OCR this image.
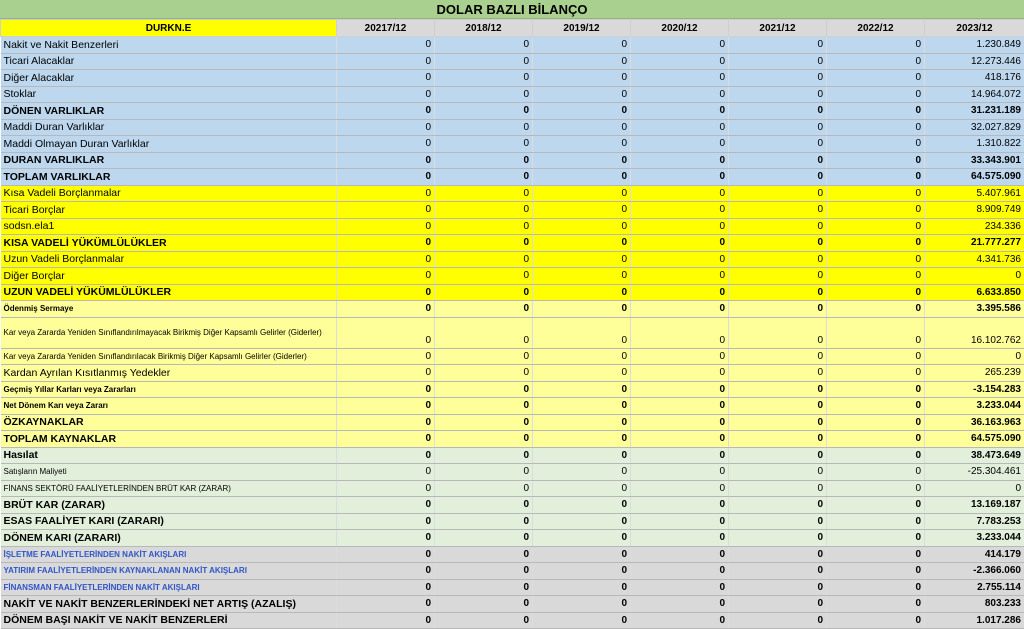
DOLAR BAZLI BİLANÇO
DURKN.E	20217/12	2018/12	2019/12	2020/12	2021/12	2022/12	2023/12
Nakit ve Nakit Benzerleri	0	0	0	0	0	0	1.230.849
Ticari Alacaklar	0	0	0	0	0	0	12.273.446
Diğer Alacaklar	0	0	0	0	0	0	418.176
Stoklar	0	0	0	0	0	0	14.964.072
DÖNEN VARLIKLAR	0	0	0	0	0	0	31.231.189
Maddi Duran Varlıklar	0	0	0	0	0	0	32.027.829
Maddi Olmayan Duran Varlıklar	0	0	0	0	0	0	1.310.822
DURAN VARLIKLAR	0	0	0	0	0	0	33.343.901
TOPLAM VARLIKLAR	0	0	0	0	0	0	64.575.090
Kısa Vadeli Borçlanmalar	0	0	0	0	0	0	5.407.961
Ticari Borçlar	0	0	0	0	0	0	8.909.749
sodsn.ela1	0	0	0	0	0	0	234.336
KISA VADELİ YÜKÜMLÜLÜKLER	0	0	0	0	0	0	21.777.277
Uzun Vadeli Borçlanmalar	0	0	0	0	0	0	4.341.736
Diğer Borçlar	0	0	0	0	0	0	0
UZUN VADELİ YÜKÜMLÜLÜKLER	0	0	0	0	0	0	6.633.850
Ödenmiş Sermaye	0	0	0	0	0	0	3.395.586
Kar veya Zararda Yeniden Sınıflandırılmayacak Birikmiş Diğer Kapsamlı Gelirler (Giderler)	0	0	0	0	0	0	16.102.762
Kar veya Zararda Yeniden Sınıflandırılacak Birikmiş Diğer Kapsamlı Gelirler (Giderler)	0	0	0	0	0	0	0
Kardan Ayrılan Kısıtlanmış Yedekler	0	0	0	0	0	0	265.239
Geçmiş Yıllar Karları veya Zararları	0	0	0	0	0	0	-3.154.283
Net Dönem Karı veya Zararı	0	0	0	0	0	0	3.233.044
ÖZKAYNAKLAR	0	0	0	0	0	0	36.163.963
TOPLAM KAYNAKLAR	0	0	0	0	0	0	64.575.090
Hasılat	0	0	0	0	0	0	38.473.649
Satışların Maliyeti	0	0	0	0	0	0	-25.304.461
FİNANS SEKTÖRÜ FAALİYETLERİNDEN BRÜT KAR (ZARAR)	0	0	0	0	0	0	0
BRÜT KAR (ZARAR)	0	0	0	0	0	0	13.169.187
ESAS FAALİYET KARI (ZARARI)	0	0	0	0	0	0	7.783.253
DÖNEM KARI (ZARARI)	0	0	0	0	0	0	3.233.044
İŞLETME FAALİYETLERİNDEN NAKİT AKIŞLARI	0	0	0	0	0	0	414.179
YATIRIM FAALİYETLERİNDEN KAYNAKLANAN NAKİT AKIŞLARI	0	0	0	0	0	0	-2.366.060
FİNANSMAN FAALİYETLERİNDEN NAKİT AKIŞLARI	0	0	0	0	0	0	2.755.114
NAKİT VE NAKİT BENZERLERİNDEKİ NET ARTIŞ (AZALIŞ)	0	0	0	0	0	0	803.233
DÖNEM BAŞI NAKİT VE NAKİT BENZERLERİ	0	0	0	0	0	0	1.017.286
